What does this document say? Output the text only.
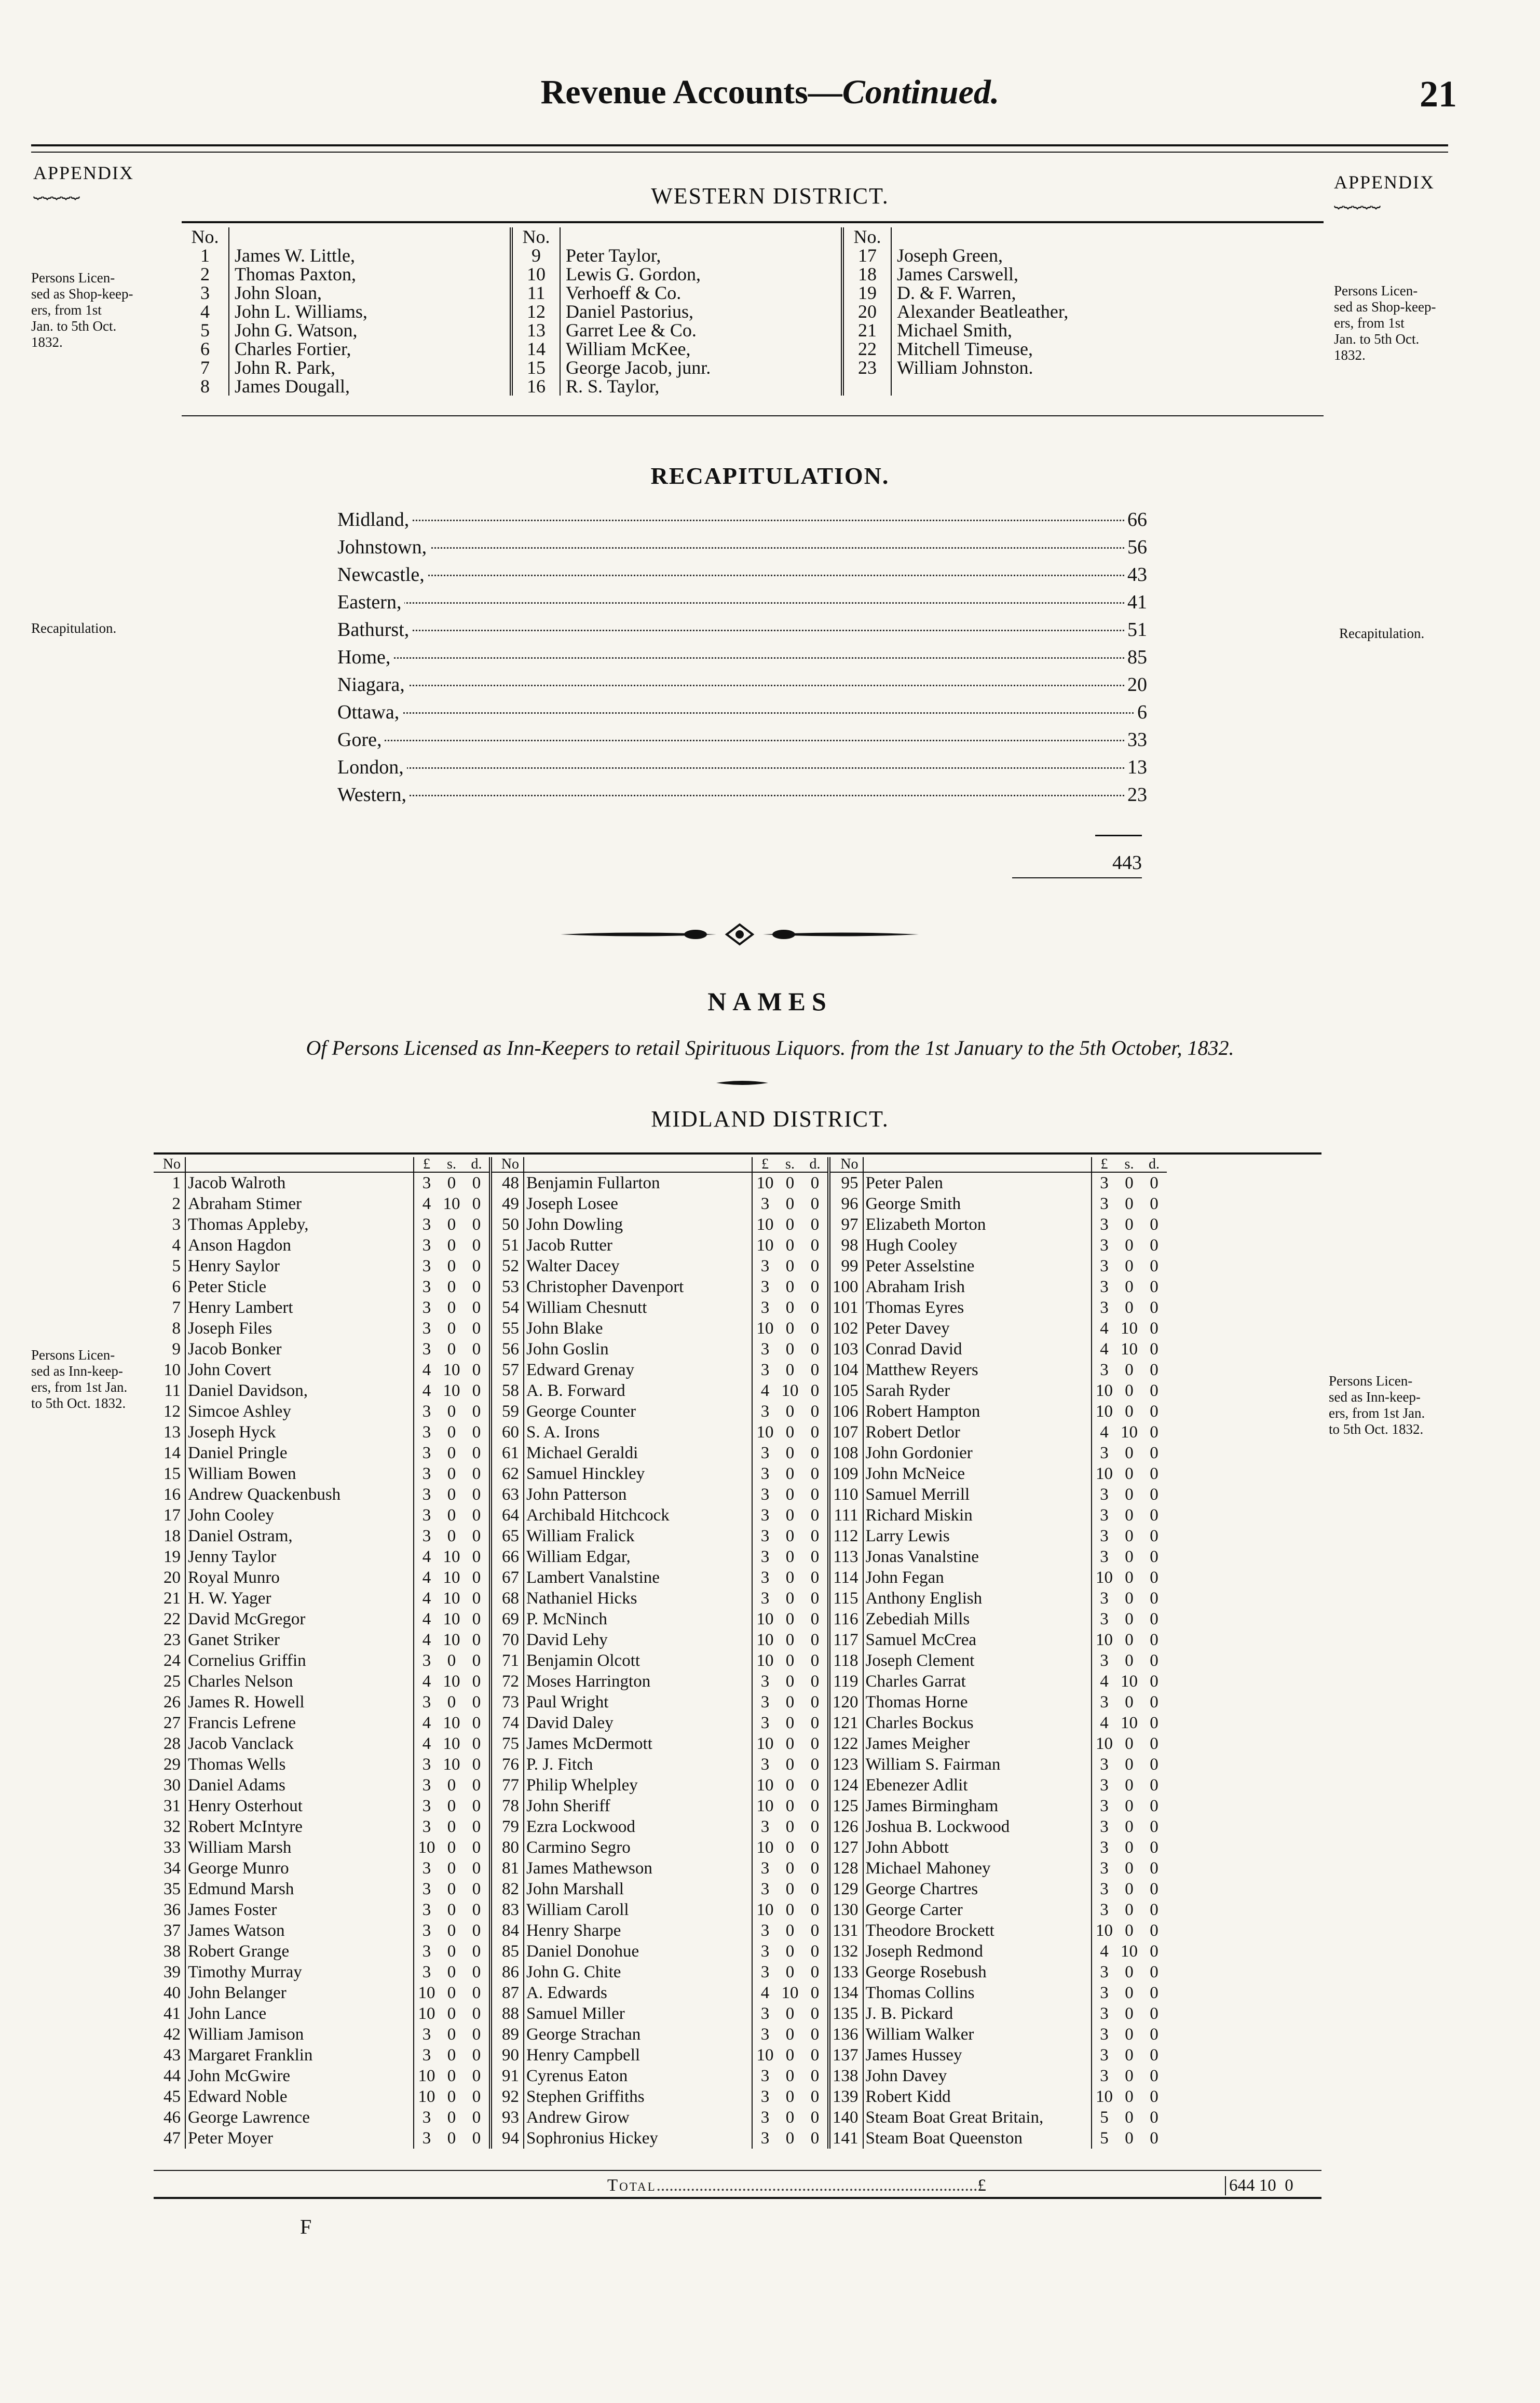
Revenue Accounts—Continued.	21
APPENDIX
⏟⏟⏟⏟⏟	APPENDIX
⏟⏟⏟⏟⏟
WESTERN DISTRICT.
Persons Licen-
sed as Shop-keep-
ers, from 1st
Jan. to 5th Oct.
1832.
Persons Licen-
sed as Shop-keep-
ers, from 1st
Jan. to 5th Oct.
1832.
No.		No.		No.	
1	James W. Little,	9	Peter Taylor,	17	Joseph Green,
2	Thomas Paxton,	10	Lewis G. Gordon,	18	James Carswell,
3	John Sloan,	11	Verhoeff & Co.	19	D. & F. Warren,
4	John L. Williams,	12	Daniel Pastorius,	20	Alexander Beatleather,
5	John G. Watson,	13	Garret Lee & Co.	21	Michael Smith,
6	Charles Fortier,	14	William McKee,	22	Mitchell Timeuse,
7	John R. Park,	15	George Jacob, junr.	23	William Johnston.
8	James Dougall,	16	R. S. Taylor,		
RECAPITULATION.
Recapitulation.	Recapitulation.
Midland,	66
Johnstown,	56
Newcastle,	43
Eastern,	41
Bathurst,	51
Home,	85
Niagara,	20
Ottawa,	6
Gore,	33
London,	13
Western,	23
443
NAMES
Of Persons Licensed as Inn-Keepers to retail Spirituous Liquors. from the 1st January to the 5th October, 1832.
MIDLAND DISTRICT.
Persons Licen-
sed as Inn-keep-
ers, from 1st Jan.
to 5th Oct. 1832.
Persons Licen-
sed as Inn-keep-
ers, from 1st Jan.
to 5th Oct. 1832.
No		£	s.	d.	No		£	s.	d.	No		£	s.	d.
1	Jacob Walroth	3	0	0	48	Benjamin Fullarton	10	0	0	95	Peter Palen	3	0	0
2	Abraham Stimer	4	10	0	49	Joseph Losee	3	0	0	96	George Smith	3	0	0
3	Thomas Appleby,	3	0	0	50	John Dowling	10	0	0	97	Elizabeth Morton	3	0	0
4	Anson Hagdon	3	0	0	51	Jacob Rutter	10	0	0	98	Hugh Cooley	3	0	0
5	Henry Saylor	3	0	0	52	Walter Dacey	3	0	0	99	Peter Asselstine	3	0	0
6	Peter Sticle	3	0	0	53	Christopher Davenport	3	0	0	100	Abraham Irish	3	0	0
7	Henry Lambert	3	0	0	54	William Chesnutt	3	0	0	101	Thomas Eyres	3	0	0
8	Joseph Files	3	0	0	55	John Blake	10	0	0	102	Peter Davey	4	10	0
9	Jacob Bonker	3	0	0	56	John Goslin	3	0	0	103	Conrad David	4	10	0
10	John Covert	4	10	0	57	Edward Grenay	3	0	0	104	Matthew Reyers	3	0	0
11	Daniel Davidson,	4	10	0	58	A. B. Forward	4	10	0	105	Sarah Ryder	10	0	0
12	Simcoe Ashley	3	0	0	59	George Counter	3	0	0	106	Robert Hampton	10	0	0
13	Joseph Hyck	3	0	0	60	S. A. Irons	10	0	0	107	Robert Detlor	4	10	0
14	Daniel Pringle	3	0	0	61	Michael Geraldi	3	0	0	108	John Gordonier	3	0	0
15	William Bowen	3	0	0	62	Samuel Hinckley	3	0	0	109	John McNeice	10	0	0
16	Andrew Quackenbush	3	0	0	63	John Patterson	3	0	0	110	Samuel Merrill	3	0	0
17	John Cooley	3	0	0	64	Archibald Hitchcock	3	0	0	111	Richard Miskin	3	0	0
18	Daniel Ostram,	3	0	0	65	William Fralick	3	0	0	112	Larry Lewis	3	0	0
19	Jenny Taylor	4	10	0	66	William Edgar,	3	0	0	113	Jonas Vanalstine	3	0	0
20	Royal Munro	4	10	0	67	Lambert Vanalstine	3	0	0	114	John Fegan	10	0	0
21	H. W. Yager	4	10	0	68	Nathaniel Hicks	3	0	0	115	Anthony English	3	0	0
22	David McGregor	4	10	0	69	P. McNinch	10	0	0	116	Zebediah Mills	3	0	0
23	Ganet Striker	4	10	0	70	David Lehy	10	0	0	117	Samuel McCrea	10	0	0
24	Cornelius Griffin	3	0	0	71	Benjamin Olcott	10	0	0	118	Joseph Clement	3	0	0
25	Charles Nelson	4	10	0	72	Moses Harrington	3	0	0	119	Charles Garrat	4	10	0
26	James R. Howell	3	0	0	73	Paul Wright	3	0	0	120	Thomas Horne	3	0	0
27	Francis Lefrene	4	10	0	74	David Daley	3	0	0	121	Charles Bockus	4	10	0
28	Jacob Vanclack	4	10	0	75	James McDermott	10	0	0	122	James Meigher	10	0	0
29	Thomas Wells	3	10	0	76	P. J. Fitch	3	0	0	123	William S. Fairman	3	0	0
30	Daniel Adams	3	0	0	77	Philip Whelpley	10	0	0	124	Ebenezer Adlit	3	0	0
31	Henry Osterhout	3	0	0	78	John Sheriff	10	0	0	125	James Birmingham	3	0	0
32	Robert McIntyre	3	0	0	79	Ezra Lockwood	3	0	0	126	Joshua B. Lockwood	3	0	0
33	William Marsh	10	0	0	80	Carmino Segro	10	0	0	127	John Abbott	3	0	0
34	George Munro	3	0	0	81	James Mathewson	3	0	0	128	Michael Mahoney	3	0	0
35	Edmund Marsh	3	0	0	82	John Marshall	3	0	0	129	George Chartres	3	0	0
36	James Foster	3	0	0	83	William Caroll	10	0	0	130	George Carter	3	0	0
37	James Watson	3	0	0	84	Henry Sharpe	3	0	0	131	Theodore Brockett	10	0	0
38	Robert Grange	3	0	0	85	Daniel Donohue	3	0	0	132	Joseph Redmond	4	10	0
39	Timothy Murray	3	0	0	86	John G. Chite	3	0	0	133	George Rosebush	3	0	0
40	John Belanger	10	0	0	87	A. Edwards	4	10	0	134	Thomas Collins	3	0	0
41	John Lance	10	0	0	88	Samuel Miller	3	0	0	135	J. B. Pickard	3	0	0
42	William Jamison	3	0	0	89	George Strachan	3	0	0	136	William Walker	3	0	0
43	Margaret Franklin	3	0	0	90	Henry Campbell	10	0	0	137	James Hussey	3	0	0
44	John McGwire	10	0	0	91	Cyrenus Eaton	3	0	0	138	John Davey	3	0	0
45	Edward Noble	10	0	0	92	Stephen Griffiths	3	0	0	139	Robert Kidd	10	0	0
46	George Lawrence	3	0	0	93	Andrew Girow	3	0	0	140	Steam Boat Great Britain,	5	0	0
47	Peter Moyer	3	0	0	94	Sophronius Hickey	3	0	0	141	Steam Boat Queenston	5	0	0
Total...........................................................................£	644 10 0
F
